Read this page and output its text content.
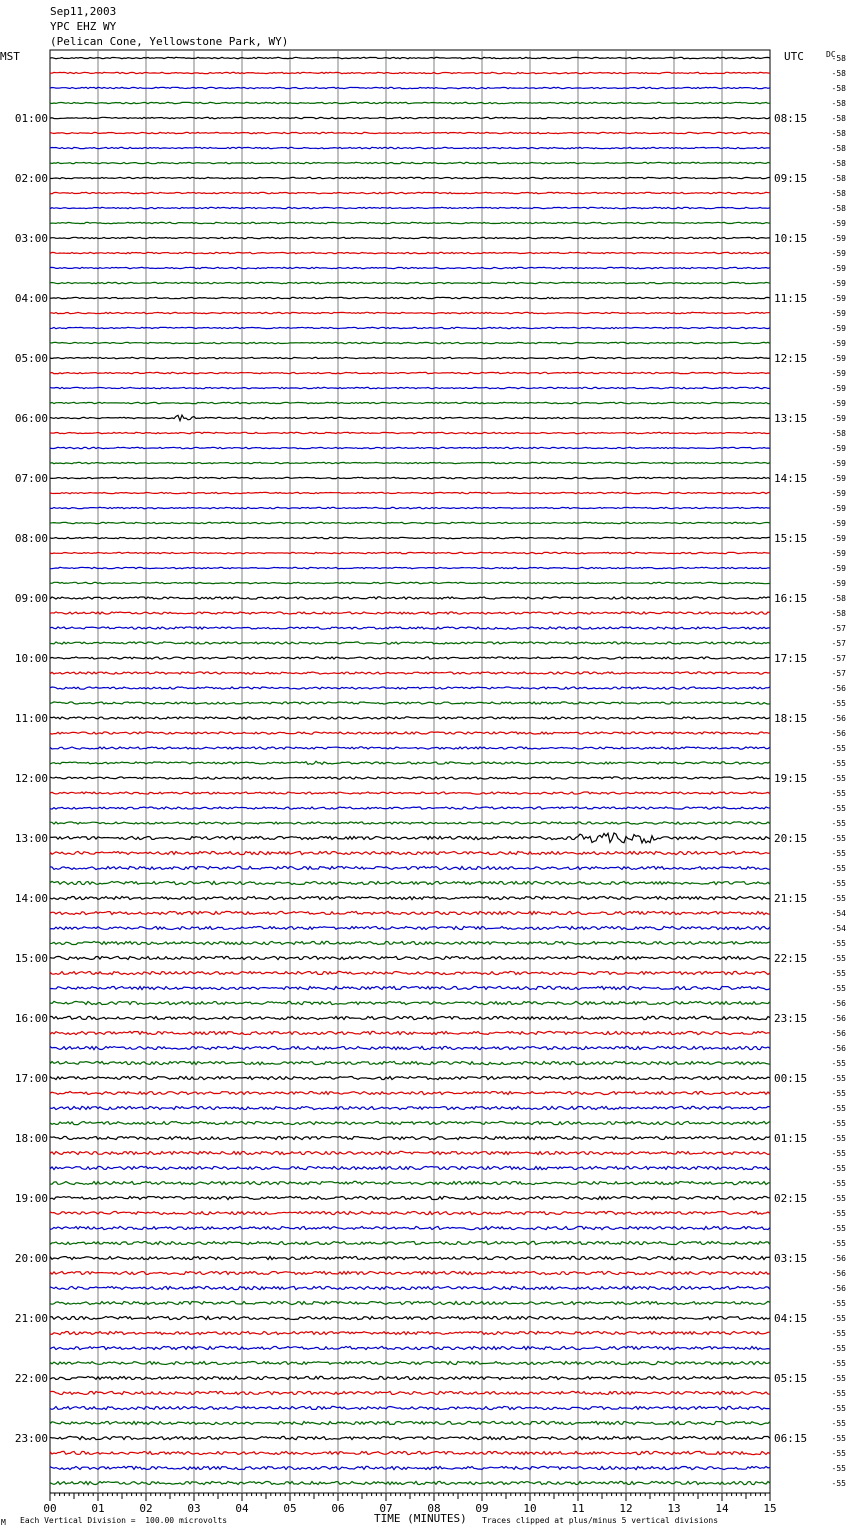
Sep11,2003
YPC EHZ WY
(Pelican Cone, Yellowstone Park, WY)
MST	UTC	-58
-58
-58
-58
-58
-58
-58
-58
-58
-58
-58
-59
-59
-59
-59
-59
-59
-59
-59
-59
-59
-59
-59
-59
-59
-58
-59
-59
-59
-59
-59
-59
-59
-59
-59
-59
-58
-58
-57
-57
-57
-57
-56
-55
-56
-56
-55
-55
-55
-55
-55
-55
-55
-55
-55
-55
-55
-54
-54
-55
-55
-55
-55
-56
-56
-56
-56
-55
-55
-55
-55
-55
-55
-55
-55
-55
-55
-55
-55
-55
-56
-56
-56
-55
-55
-55
-55
-55
-55
-55
-55
-55
-55
-55
-55
-55
DC
01:00
02:00
03:00
04:00
05:00
06:00
07:00
08:00
09:00
10:00
11:00
12:00
13:00
14:00
15:00
16:00
17:00
18:00
19:00
20:00
21:00
22:00
23:00
08:15
09:15
10:15
11:15
12:15
13:15
14:15
15:15
16:15
17:15
18:15
19:15
20:15
21:15
22:15
23:15
00:15
01:15
02:15
03:15
04:15
05:15
06:15
00	01	02	03	04	05	06	07	08	09	10	11	12	13	14	15
M Each Vertical Division =  100.00 microvolts	TIME (MINUTES) Traces clipped at plus/minus 5 vertical divisions
